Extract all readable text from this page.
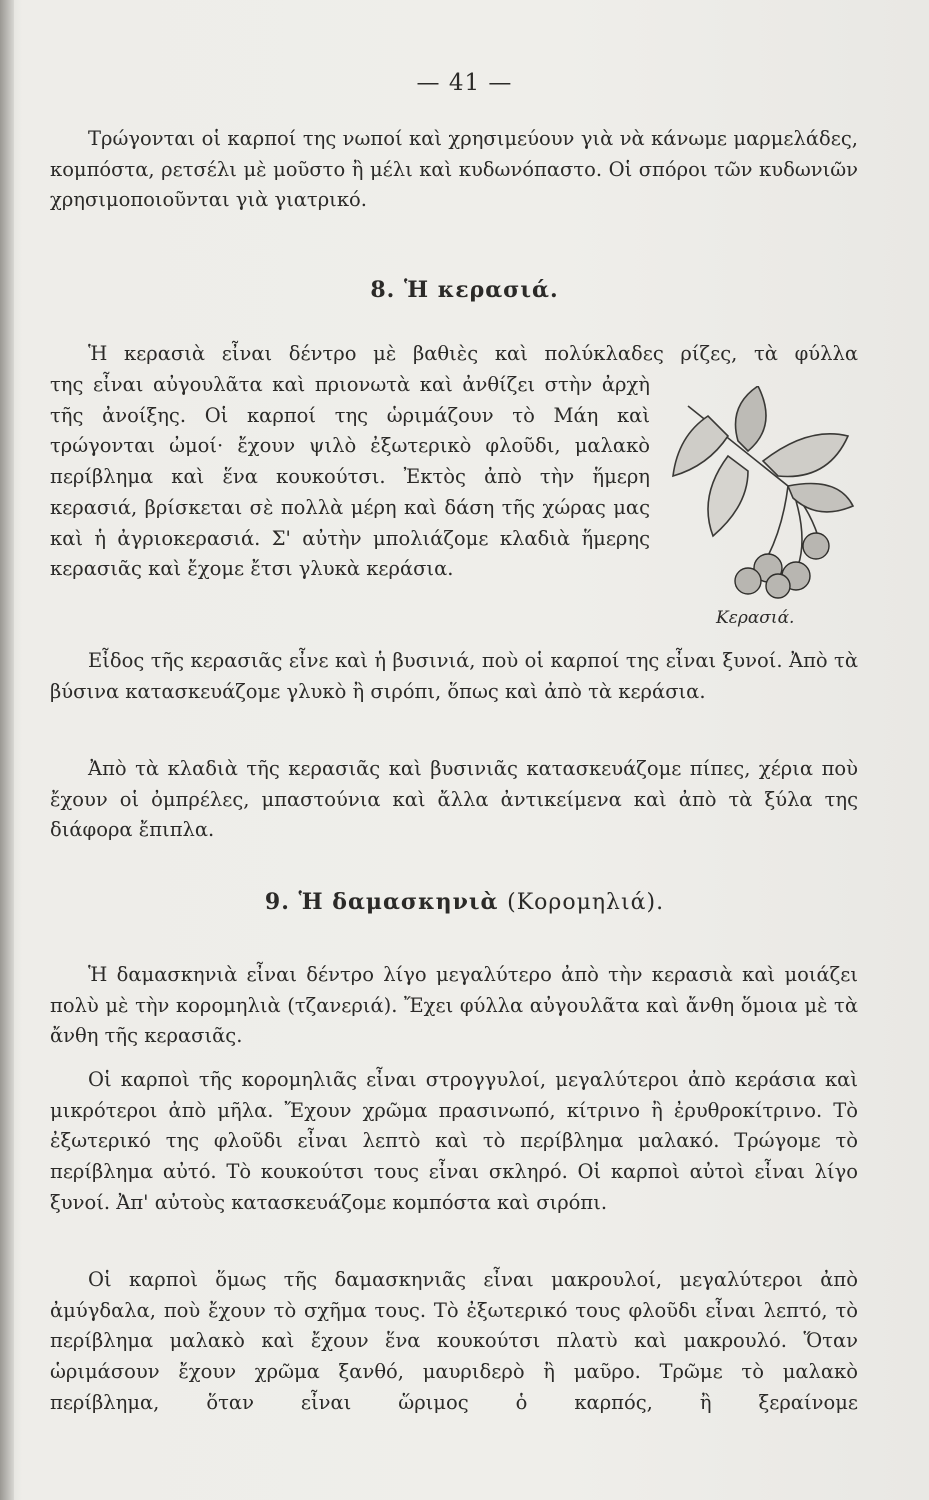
— 41 —

Τρώγονται οἱ καρποί της νωποί καὶ χρησιμεύουν γιὰ νὰ κάνωμε μαρμελάδες, κομπόστα, ρετσέλι μὲ μοῦστο ἢ μέλι καὶ κυδωνόπαστο. Οἱ σπόροι τῶν κυδωνιῶν χρησιμοποιοῦνται γιὰ γιατρικό.

8. Ἡ κερασιά.

Ἡ κερασιὰ εἶναι δέντρο μὲ βαθιὲς καὶ πολύκλαδες ρίζες, τὰ φύλλα

της εἶναι αὐγουλᾶτα καὶ πριονωτὰ καὶ ἀνθίζει στὴν ἀρχὴ τῆς ἀνοίξης. Οἱ καρποί της ὡριμάζουν τὸ Μάη καὶ τρώγονται ὠμοί· ἔχουν ψιλὸ ἐξωτερικὸ φλοῦδι, μαλακὸ περίβλημα καὶ ἕνα κουκούτσι. Ἐκτὸς ἀπὸ τὴν ἥμερη κερασιά, βρίσκεται σὲ πολλὰ μέρη καὶ δάση τῆς χώρας μας καὶ ἡ ἀγριοκερασιά. Σ' αὐτὴν μπολιάζομε κλαδιὰ ἥμερης κερασιᾶς καὶ ἔχομε ἔτσι γλυκὰ κεράσια.

Κερασιά.

Εἶδος τῆς κερασιᾶς εἶνε καὶ ἡ βυσινιά, ποὺ οἱ καρποί της εἶναι ξυνοί. Ἀπὸ τὰ βύσινα κατασκευάζομε γλυκὸ ἢ σιρόπι, ὅπως καὶ ἀπὸ τὰ κεράσια.

Ἀπὸ τὰ κλαδιὰ τῆς κερασιᾶς καὶ βυσινιᾶς κατασκευάζομε πίπες, χέρια ποὺ ἔχουν οἱ ὀμπρέλες, μπαστούνια καὶ ἄλλα ἀντικείμενα καὶ ἀπὸ τὰ ξύλα της διάφορα ἔπιπλα.

9. Ἡ δαμασκηνιὰ (Κορομηλιά).

Ἡ δαμασκηνιὰ εἶναι δέντρο λίγο μεγαλύτερο ἀπὸ τὴν κερασιὰ καὶ μοιάζει πολὺ μὲ τὴν κορομηλιὰ (τζανεριά). Ἔχει φύλλα αὐγουλᾶτα καὶ ἄνθη ὅμοια μὲ τὰ ἄνθη τῆς κερασιᾶς.

Οἱ καρποὶ τῆς κορομηλιᾶς εἶναι στρογγυλοί, μεγαλύτεροι ἀπὸ κεράσια καὶ μικρότεροι ἀπὸ μῆλα. Ἔχουν χρῶμα πρασινωπό, κίτρινο ἢ ἐρυθροκίτρινο. Τὸ ἐξωτερικό της φλοῦδι εἶναι λεπτὸ καὶ τὸ περίβλημα μαλακό. Τρώγομε τὸ περίβλημα αὐτό. Τὸ κουκούτσι τους εἶναι σκληρό. Οἱ καρποὶ αὐτοὶ εἶναι λίγο ξυνοί. Ἀπ' αὐτοὺς κατασκευάζομε κομπόστα καὶ σιρόπι.

Οἱ καρποὶ ὅμως τῆς δαμασκηνιᾶς εἶναι μακρουλοί, μεγαλύτεροι ἀπὸ ἀμύγδαλα, ποὺ ἔχουν τὸ σχῆμα τους. Τὸ ἐξωτερικό τους φλοῦδι εἶναι λεπτό, τὸ περίβλημα μαλακὸ καὶ ἔχουν ἕνα κουκούτσι πλατὺ καὶ μακρουλό. Ὅταν ὡριμάσουν ἔχουν χρῶμα ξανθό, μαυριδερὸ ἢ μαῦρο. Τρῶμε τὸ μαλακὸ περίβλημα, ὅταν εἶναι ὥριμος ὁ καρπός, ἢ ξεραίνομε
